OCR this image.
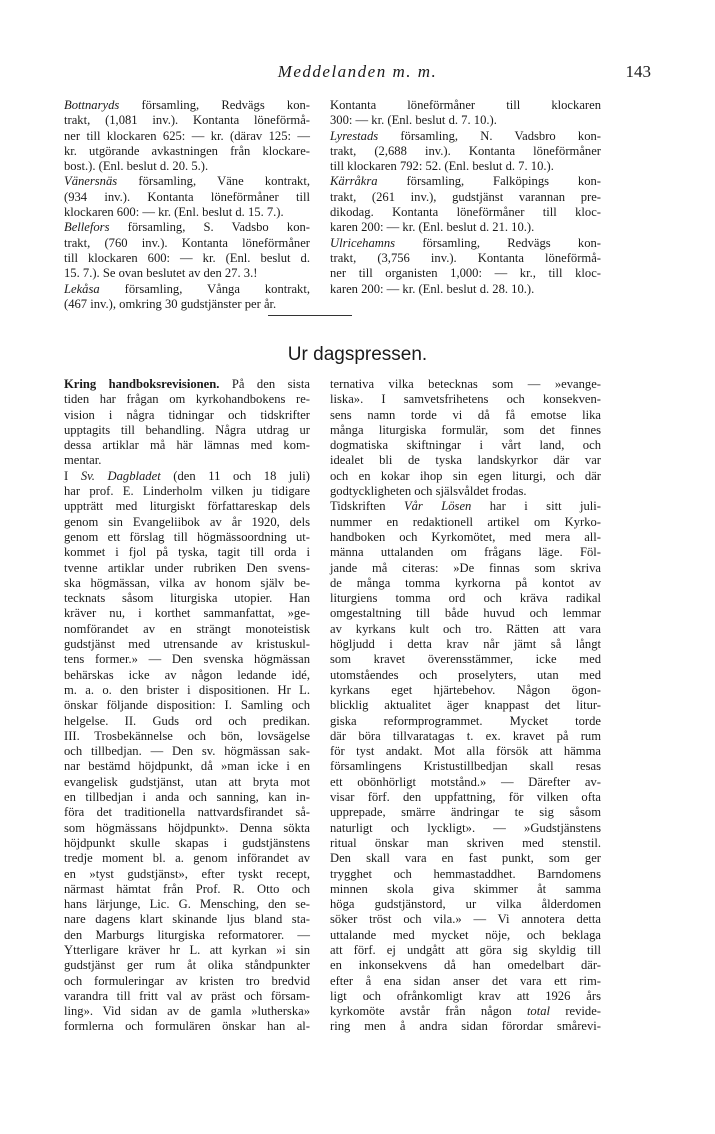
Meddelanden m. m.	143
Bottnaryds församling, Redvägs kon-
trakt, (1,081 inv.). Kontanta löneförmå-
ner till klockaren 625: — kr. (därav 125: —
kr. utgörande avkastningen från klockare-
bost.). (Enl. beslut d. 20. 5.).
Vänersnäs församling, Väne kontrakt,
(934 inv.). Kontanta löneförmåner till
klockaren 600: — kr. (Enl. beslut d. 15. 7.).
Bellefors församling, S. Vadsbo kon-
trakt, (760 inv.). Kontanta löneförmåner
till klockaren 600: — kr. (Enl. beslut d.
15. 7.). Se ovan beslutet av den 27. 3.!
Lekåsa församling, Vånga kontrakt,
(467 inv.), omkring 30 gudstjänster per år.
Kontanta löneförmåner till klockaren
300: — kr. (Enl. beslut d. 7. 10.).
Lyrestads församling, N. Vadsbro kon-
trakt, (2,688 inv.). Kontanta löneförmåner
till klockaren 792: 52. (Enl. beslut d. 7. 10.).
Kärråkra församling, Falköpings kon-
trakt, (261 inv.), gudstjänst varannan pre-
dikodag. Kontanta löneförmåner till kloc-
karen 200: — kr. (Enl. beslut d. 21. 10.).
Ulricehamns församling, Redvägs kon-
trakt, (3,756 inv.). Kontanta löneförmå-
ner till organisten 1,000: — kr., till kloc-
karen 200: — kr. (Enl. beslut d. 28. 10.).
Ur dagspressen.
Kring handboksrevisionen. På den sista
tiden har frågan om kyrkohandbokens re-
vision i några tidningar och tidskrifter
upptagits till behandling. Några utdrag ur
dessa artiklar må här lämnas med kom-
mentar.
I Sv. Dagbladet (den 11 och 18 juli)
har prof. E. Linderholm vilken ju tidigare
uppträtt med liturgiskt författareskap dels
genom sin Evangeliibok av år 1920, dels
genom ett förslag till högmässoordning ut-
kommet i fjol på tyska, tagit till orda i
tvenne artiklar under rubriken Den svens-
ska högmässan, vilka av honom själv be-
tecknats såsom liturgiska utopier. Han
kräver nu, i korthet sammanfattat, »ge-
nomförandet av en strängt monoteistisk
gudstjänst med utrensande av kristuskul-
tens former.» — Den svenska högmässan
behärskas icke av någon ledande idé,
m. a. o. den brister i dispositionen. Hr L.
önskar följande disposition: I. Samling och
helgelse. II. Guds ord och predikan.
III. Trosbekännelse och bön, lovsägelse
och tillbedjan. — Den sv. högmässan sak-
nar bestämd höjdpunkt, då »man icke i en
evangelisk gudstjänst, utan att bryta mot
en tillbedjan i anda och sanning, kan in-
föra det traditionella nattvardsfirandet så-
som högmässans höjdpunkt». Denna sökta
höjdpunkt skulle skapas i gudstjänstens
tredje moment bl. a. genom införandet av
en »tyst gudstjänst», efter tyskt recept,
närmast hämtat från Prof. R. Otto och
hans lärjunge, Lic. G. Mensching, den se-
nare dagens klart skinande ljus bland sta-
den Marburgs liturgiska reformatorer. —
Ytterligare kräver hr L. att kyrkan »i sin
gudstjänst ger rum åt olika ståndpunkter
och formuleringar av kristen tro bredvid
varandra till fritt val av präst och försam-
ling». Vid sidan av de gamla »lutherska»
formlerna och formulären önskar han al-
ternativa vilka betecknas som — »evange-
liska». I samvetsfrihetens och konsekven-
sens namn torde vi då få emotse lika
många liturgiska formulär, som det finnes
dogmatiska skiftningar i vårt land, och
idealet bli de tyska landskyrkor där var
och en kokar ihop sin egen liturgi, och där
godtyckligheten och själsvåldet frodas.
Tidskriften Vår Lösen har i sitt juli-
nummer en redaktionell artikel om Kyrko-
handboken och Kyrkomötet, med mera all-
männa uttalanden om frågans läge. Föl-
jande må citeras: »De finnas som skriva
de många tomma kyrkorna på kontot av
liturgiens tomma ord och kräva radikal
omgestaltning till både huvud och lemmar
av kyrkans kult och tro. Rätten att vara
högljudd i detta krav når jämt så långt
som kravet överensstämmer, icke med
utomståendes och proselyters, utan med
kyrkans eget hjärtebehov. Någon ögon-
blicklig aktualitet äger knappast det litur-
giska reformprogrammet. Mycket torde
där böra tillvaratagas t. ex. kravet på rum
för tyst andakt. Mot alla försök att hämma
församlingens Kristustillbedjan skall resas
ett obönhörligt motstånd.» — Därefter av-
visar förf. den uppfattning, för vilken ofta
upprepade, smärre ändringar te sig såsom
naturligt och lyckligt». — »Gudstjänstens
ritual önskar man skriven med stenstil.
Den skall vara en fast punkt, som ger
trygghet och hemmastaddhet. Barndomens
minnen skola giva skimmer åt samma
höga gudstjänstord, ur vilka ålderdomen
söker tröst och vila.» — Vi annotera detta
uttalande med mycket nöje, och beklaga
att förf. ej undgått att göra sig skyldig till
en inkonsekvens då han omedelbart där-
efter å ena sidan anser det vara ett rim-
ligt och ofrånkomligt krav att 1926 års
kyrkomöte avstår från någon total revide-
ring men å andra sidan förordar smårevi-
